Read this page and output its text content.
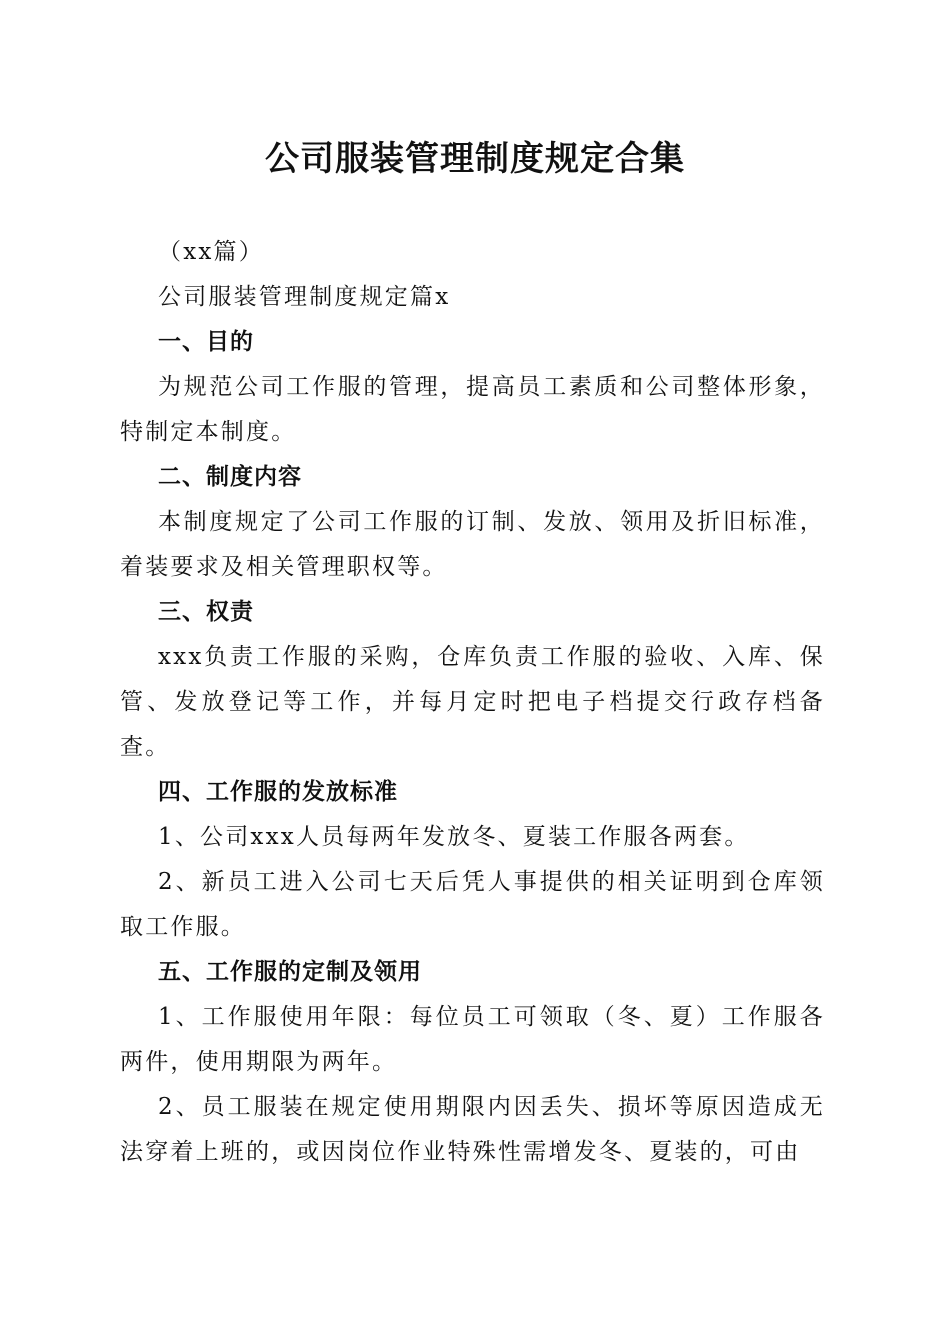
公司服装管理制度规定合集

（xx篇）

公司服装管理制度规定篇x

一、目的

为规范公司工作服的管理，提高员工素质和公司整体形象，特制定本制度。

二、制度内容

本制度规定了公司工作服的订制、发放、领用及折旧标准，着装要求及相关管理职权等。

三、权责

xxx负责工作服的采购，仓库负责工作服的验收、入库、保管、发放登记等工作，并每月定时把电子档提交行政存档备查。

四、工作服的发放标准

1、公司xxx人员每两年发放冬、夏装工作服各两套。

2、新员工进入公司七天后凭人事提供的相关证明到仓库领取工作服。

五、工作服的定制及领用

1、工作服使用年限：每位员工可领取（冬、夏）工作服各两件，使用期限为两年。

2、员工服装在规定使用期限内因丢失、损坏等原因造成无法穿着上班的，或因岗位作业特殊性需增发冬、夏装的，可由
